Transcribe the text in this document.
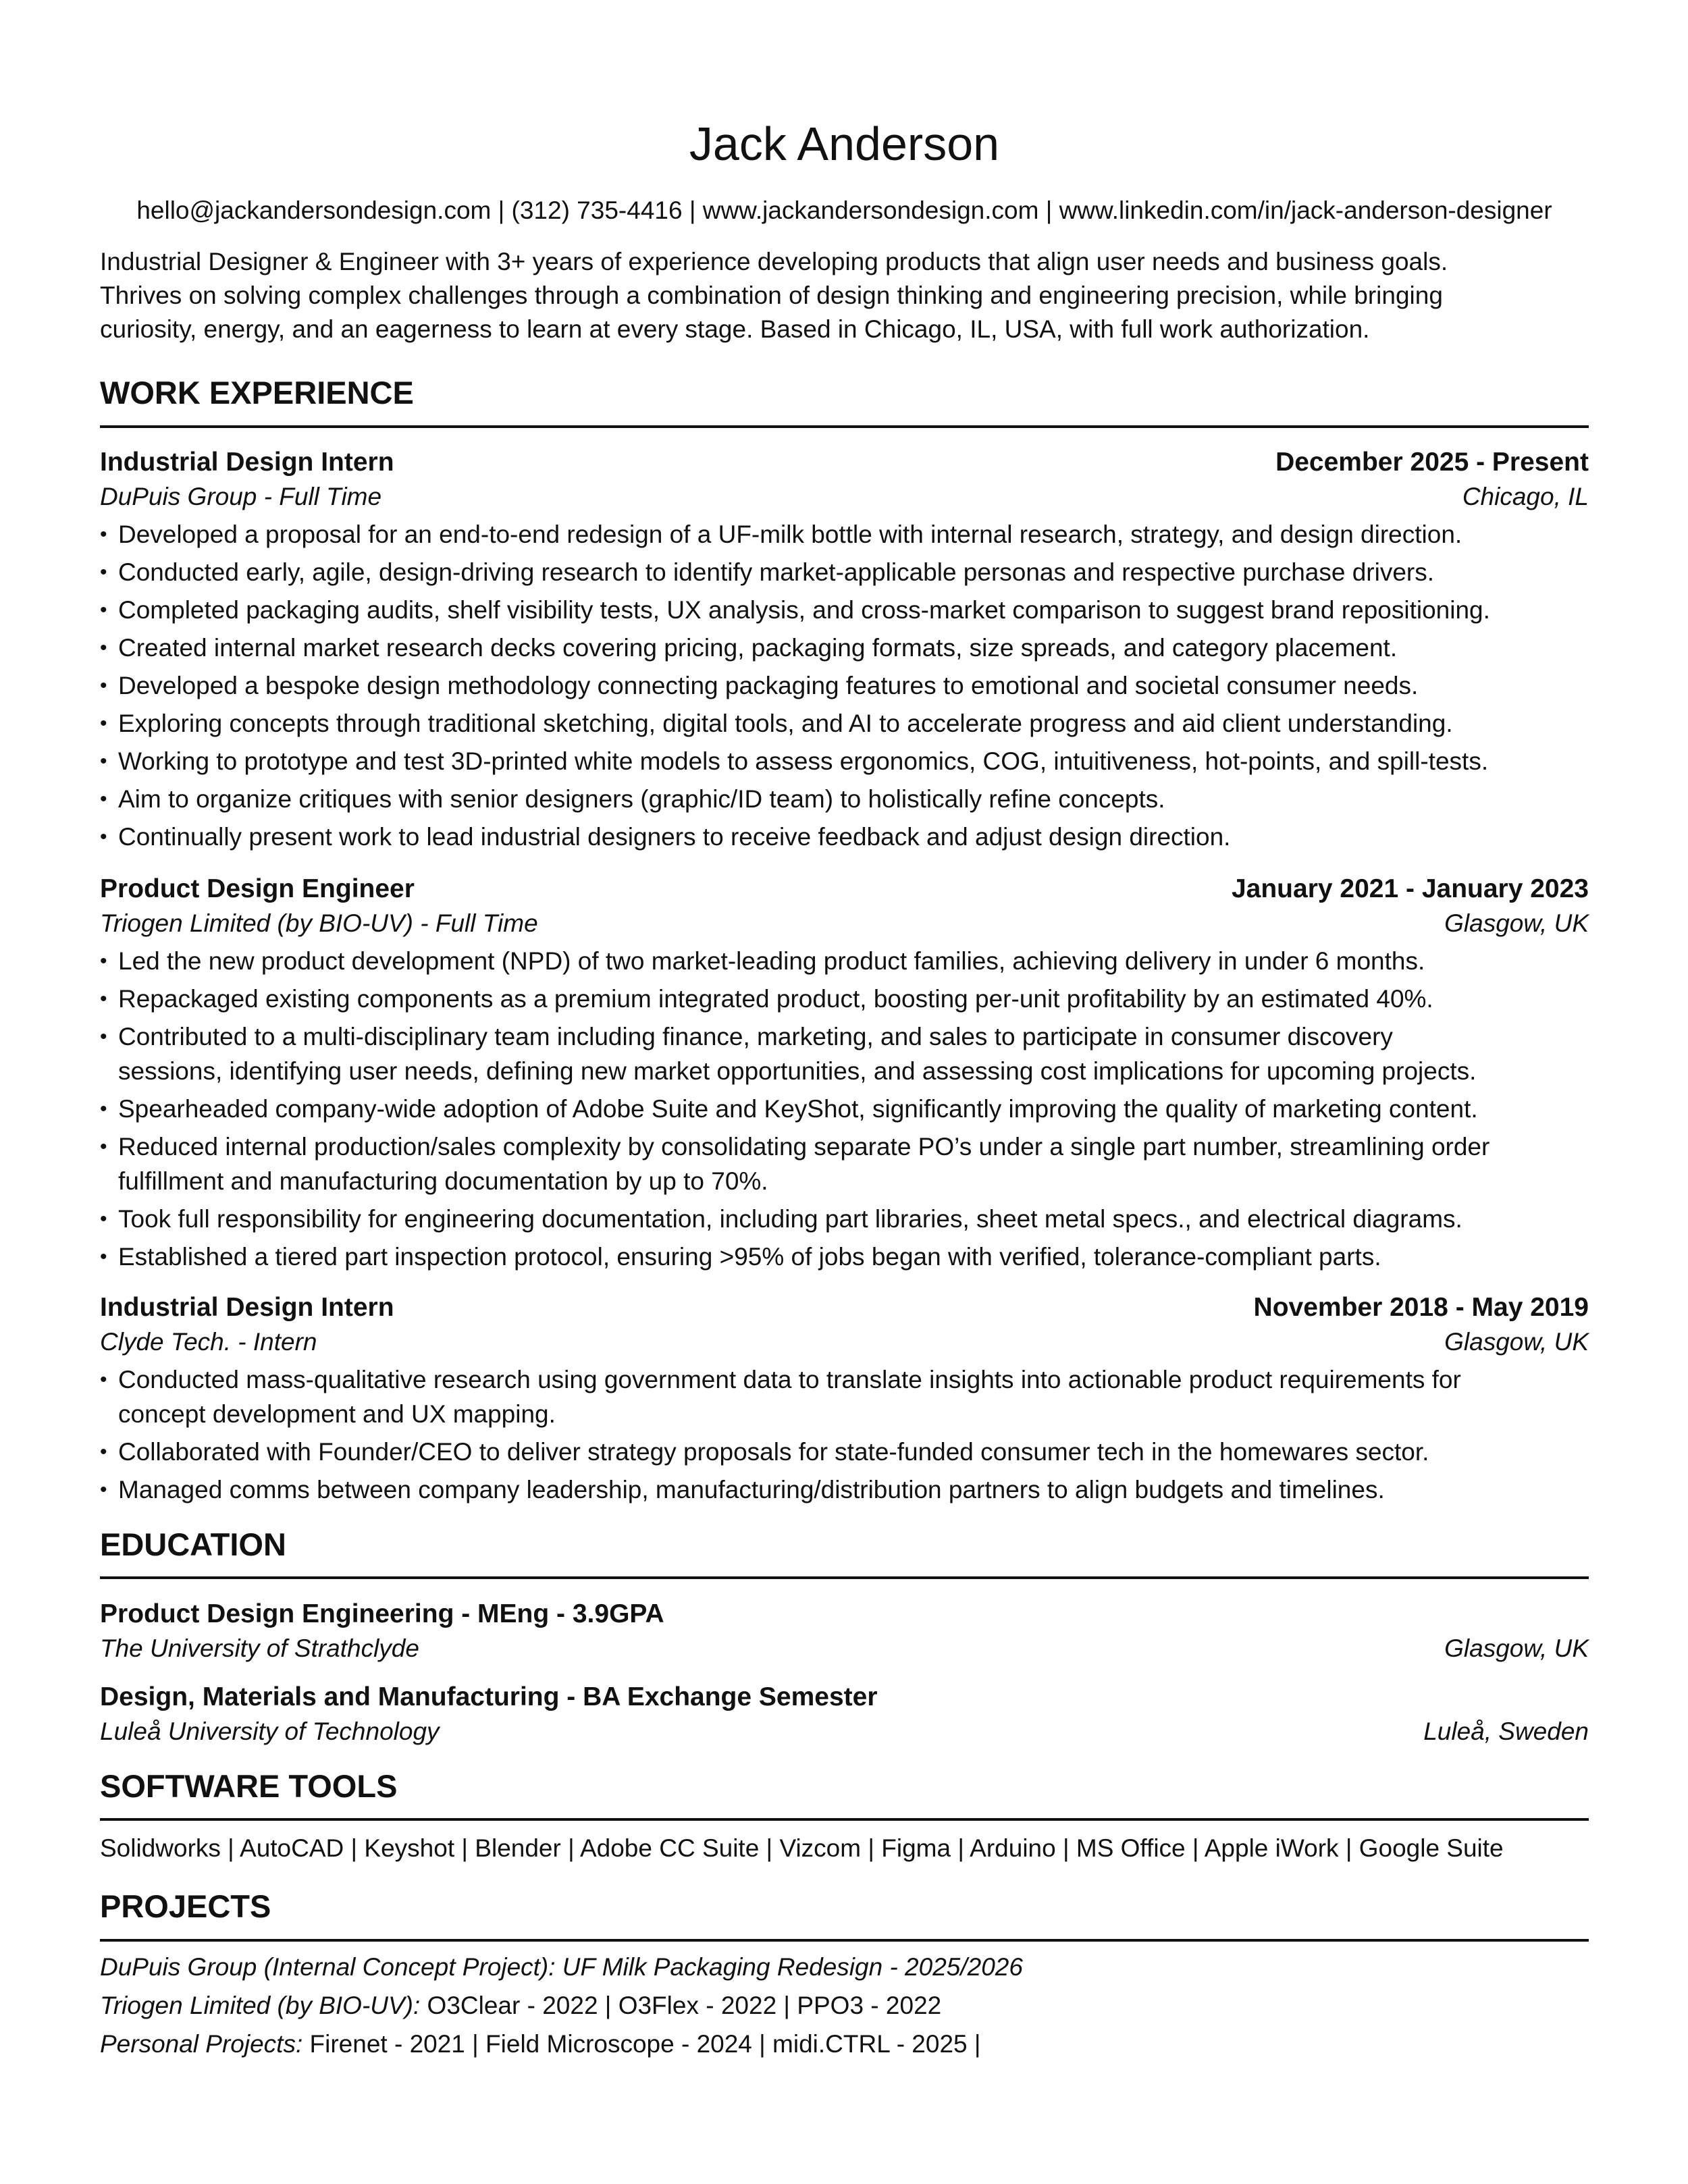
Jack Anderson
hello@jackandersondesign.com | (312) 735-4416 | www.jackandersondesign.com | www.linkedin.com/in/jack-anderson-designer
Industrial Designer & Engineer with 3+ years of experience developing products that align user needs and business goals.
Thrives on solving complex challenges through a combination of design thinking and engineering precision, while bringing
curiosity, energy, and an eagerness to learn at every stage. Based in Chicago, IL, USA, with full work authorization.
WORK EXPERIENCE
Industrial Design Intern	December 2025 - Present
DuPuis Group - Full Time	Chicago, IL
• Developed a proposal for an end-to-end redesign of a UF-milk bottle with internal research, strategy, and design direction.
• Conducted early, agile, design-driving research to identify market-applicable personas and respective purchase drivers.
• Completed packaging audits, shelf visibility tests, UX analysis, and cross-market comparison to suggest brand repositioning.
• Created internal market research decks covering pricing, packaging formats, size spreads, and category placement.
• Developed a bespoke design methodology connecting packaging features to emotional and societal consumer needs.
• Exploring concepts through traditional sketching, digital tools, and AI to accelerate progress and aid client understanding.
• Working to prototype and test 3D-printed white models to assess ergonomics, COG, intuitiveness, hot-points, and spill-tests.
• Aim to organize critiques with senior designers (graphic/ID team) to holistically refine concepts.
• Continually present work to lead industrial designers to receive feedback and adjust design direction.
Product Design Engineer	January 2021 - January 2023
Triogen Limited (by BIO-UV) - Full Time	Glasgow, UK
• Led the new product development (NPD) of two market-leading product families, achieving delivery in under 6 months.
• Repackaged existing components as a premium integrated product, boosting per-unit profitability by an estimated 40%.
• Contributed to a multi-disciplinary team including finance, marketing, and sales to participate in consumer discovery
sessions, identifying user needs, defining new market opportunities, and assessing cost implications for upcoming projects.
• Spearheaded company-wide adoption of Adobe Suite and KeyShot, significantly improving the quality of marketing content.
• Reduced internal production/sales complexity by consolidating separate PO’s under a single part number, streamlining order
fulfillment and manufacturing documentation by up to 70%.
• Took full responsibility for engineering documentation, including part libraries, sheet metal specs., and electrical diagrams.
• Established a tiered part inspection protocol, ensuring >95% of jobs began with verified, tolerance-compliant parts.
Industrial Design Intern	November 2018 - May 2019
Clyde Tech. - Intern	Glasgow, UK
• Conducted mass-qualitative research using government data to translate insights into actionable product requirements for
concept development and UX mapping.
• Collaborated with Founder/CEO to deliver strategy proposals for state-funded consumer tech in the homewares sector.
• Managed comms between company leadership, manufacturing/distribution partners to align budgets and timelines.
EDUCATION
Product Design Engineering - MEng - 3.9GPA
The University of Strathclyde	Glasgow, UK
Design, Materials and Manufacturing - BA Exchange Semester
Luleå University of Technology	Luleå, Sweden
SOFTWARE TOOLS
Solidworks | AutoCAD | Keyshot | Blender | Adobe CC Suite | Vizcom | Figma | Arduino | MS Office | Apple iWork | Google Suite
PROJECTS
DuPuis Group (Internal Concept Project): UF Milk Packaging Redesign - 2025/2026
Triogen Limited (by BIO-UV): O3Clear - 2022 | O3Flex - 2022 | PPO3 - 2022
Personal Projects: Firenet - 2021 | Field Microscope - 2024 | midi.CTRL - 2025 |
